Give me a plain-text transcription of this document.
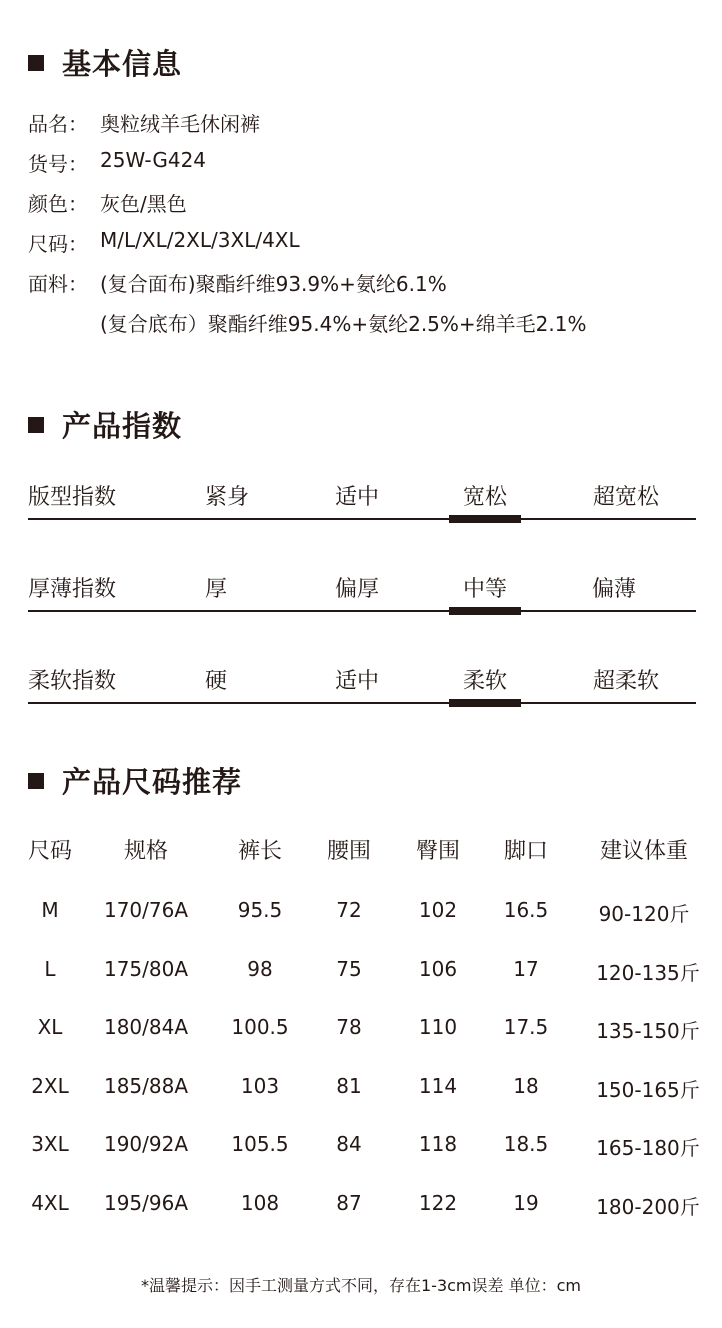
基本信息
品名： 奥粒绒羊毛休闲裤
货号： 25W-G424
颜色： 灰色/黑色
尺码： M/L/XL/2XL/3XL/4XL
面料： (复合面布)聚酯纤维93.9%+氨纶6.1%
(复合底布）聚酯纤维95.4%+氨纶2.5%+绵羊毛2.1%
产品指数
版型指数	紧身	适中	宽松	超宽松
厚薄指数	厚	偏厚	中等	偏薄
柔软指数	硬	适中	柔软	超柔软
产品尺码推荐
尺码 规格	裤长 腰围 臀围 脚口 建议体重
M 170/76A 95.5	72	102 16.5	90-120斤
L 175/80A	98	75	106	17	120-135斤
XL 180/84A 100.5 78	110 17.5 135-150斤
2XL 185/88A	103	81	114	18	150-165斤
3XL 190/92A 105.5 84	118 18.5 165-180斤
4XL 195/96A	108	87	122	19	180-200斤
*温馨提示：因手工测量方式不同，存在1-3cm误差 单位：cm
